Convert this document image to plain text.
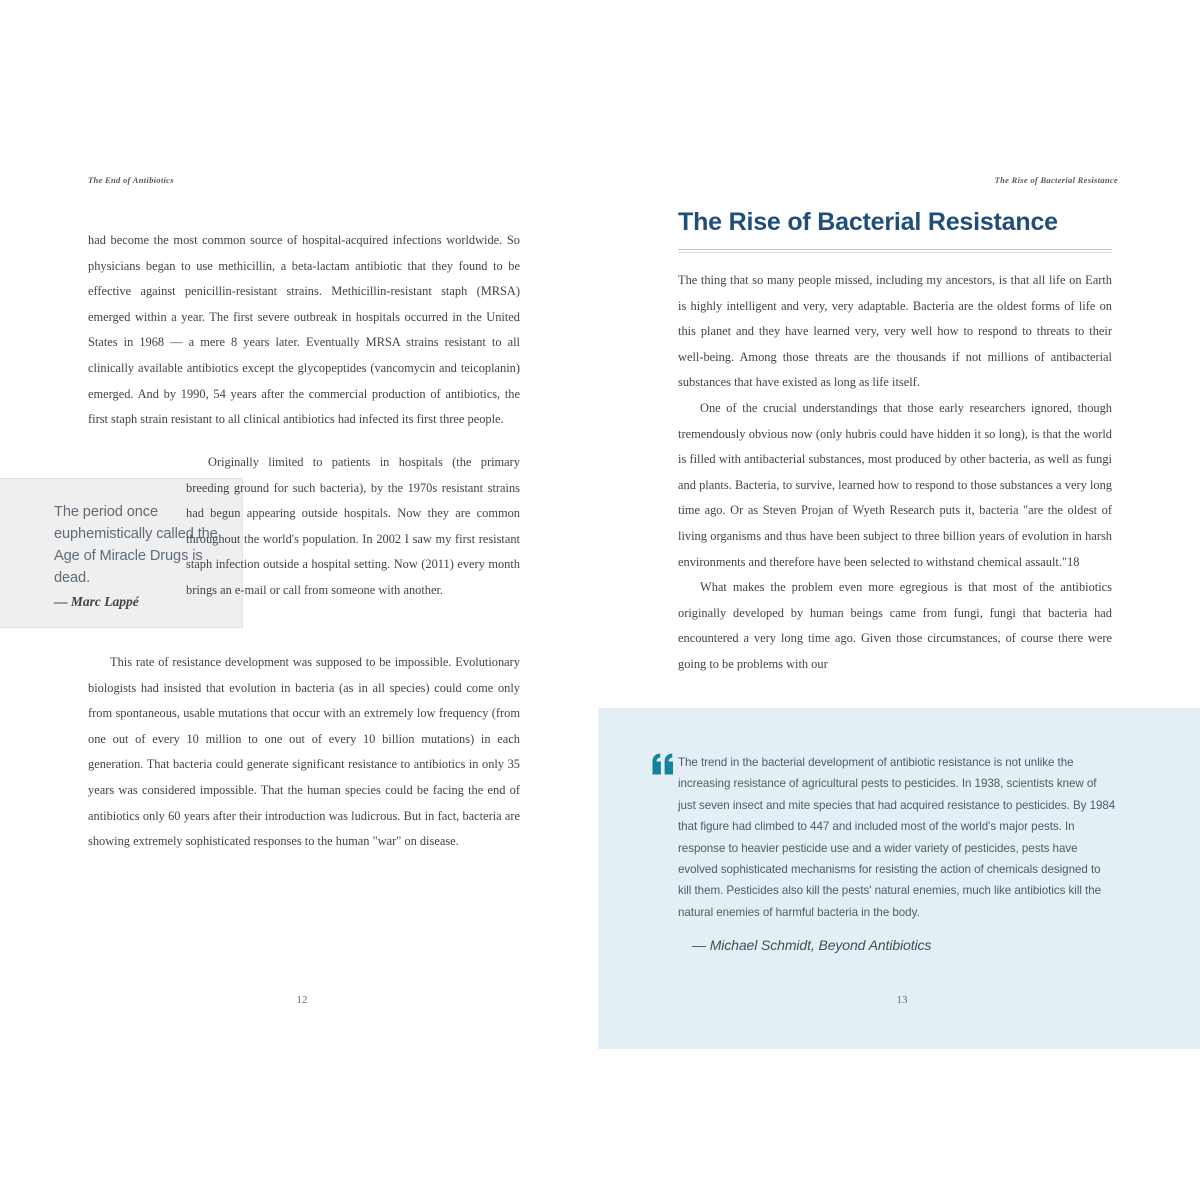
The End of Antibiotics

had become the most common source of hospital-acquired infections worldwide. So physicians began to use methicillin, a beta-lactam antibiotic that they found to be effective against penicillin-resistant strains. Methicillin-resistant staph (MRSA) emerged within a year. The first severe outbreak in hospitals occurred in the United States in 1968 — a mere 8 years later. Eventually MRSA strains resistant to all clinically available antibiotics except the glycopeptides (vancomycin and teicoplanin) emerged. And by 1990, 54 years after the commercial production of antibiotics, the first staph strain resistant to all clinical antibiotics had infected its first three people.

The period once euphemistically called the Age of Miracle Drugs is dead.

— Marc Lappé

Originally limited to patients in hospitals (the primary breeding ground for such bacteria), by the 1970s resistant strains had begun appearing outside hospitals. Now they are common throughout the world's population. In 2002 I saw my first resistant staph infection outside a hospital setting. Now (2011) every month brings an e-mail or call from someone with another.

This rate of resistance development was supposed to be impossible. Evolutionary biologists had insisted that evolution in bacteria (as in all species) could come only from spontaneous, usable mutations that occur with an extremely low frequency (from one out of every 10 million to one out of every 10 billion mutations) in each generation. That bacteria could generate significant resistance to antibiotics in only 35 years was considered impossible. That the human species could be facing the end of antibiotics only 60 years after their introduction was ludicrous. But in fact, bacteria are showing extremely sophisticated responses to the human "war" on disease.

12
The Rise of Bacterial Resistance
The Rise of Bacterial Resistance

The thing that so many people missed, including my ancestors, is that all life on Earth is highly intelligent and very, very adaptable. Bacteria are the oldest forms of life on this planet and they have learned very, very well how to respond to threats to their well-being. Among those threats are the thousands if not millions of antibacterial substances that have existed as long as life itself.

One of the crucial understandings that those early researchers ignored, though tremendously obvious now (only hubris could have hidden it so long), is that the world is filled with antibacterial substances, most produced by other bacteria, as well as fungi and plants. Bacteria, to survive, learned how to respond to those substances a very long time ago. Or as Steven Projan of Wyeth Research puts it, bacteria "are the oldest of living organisms and thus have been subject to three billion years of evolution in harsh environments and therefore have been selected to withstand chemical assault."18

What makes the problem even more egregious is that most of the antibiotics originally developed by human beings came from fungi, fungi that bacteria had encountered a very long time ago. Given those circumstances, of course there were going to be problems with our

The trend in the bacterial development of antibiotic resistance is not unlike the increasing resistance of agricultural pests to pesticides. In 1938, scientists knew of just seven insect and mite species that had acquired resistance to pesticides. By 1984 that figure had climbed to 447 and included most of the world's major pests. In response to heavier pesticide use and a wider variety of pesticides, pests have evolved sophisticated mechanisms for resisting the action of chemicals designed to kill them. Pesticides also kill the pests' natural enemies, much like antibiotics kill the natural enemies of harmful bacteria in the body.

— Michael Schmidt, Beyond Antibiotics

13
